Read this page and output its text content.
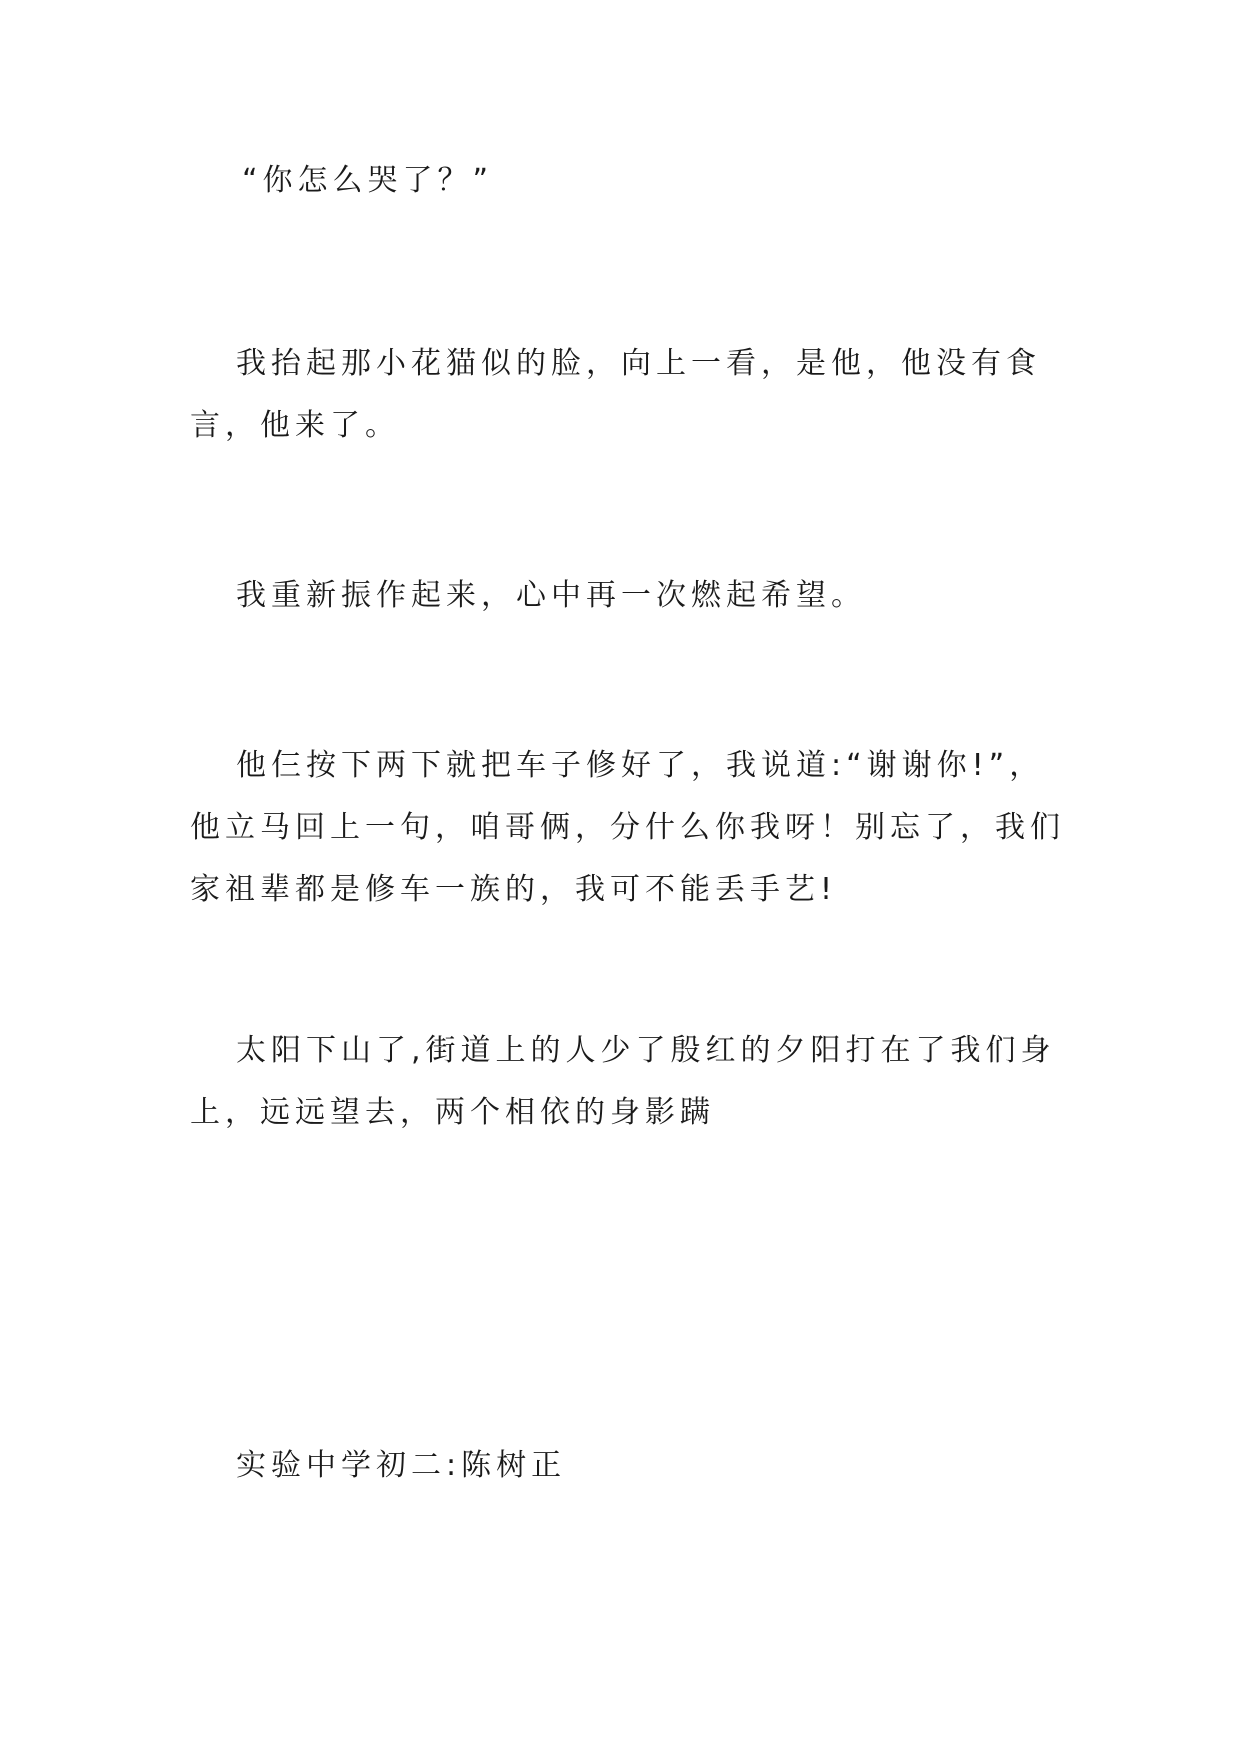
“你怎么哭了？”

我抬起那小花猫似的脸，向上一看，是他，他没有食言，他来了。

我重新振作起来，心中再一次燃起希望。

他仨按下两下就把车子修好了，我说道:“谢谢你!”，他立马回上一句，咱哥俩，分什么你我呀！别忘了，我们家祖辈都是修车一族的，我可不能丢手艺!

太阳下山了,街道上的人少了殷红的夕阳打在了我们身上，远远望去，两个相依的身影蹒

实验中学初二:陈树正
